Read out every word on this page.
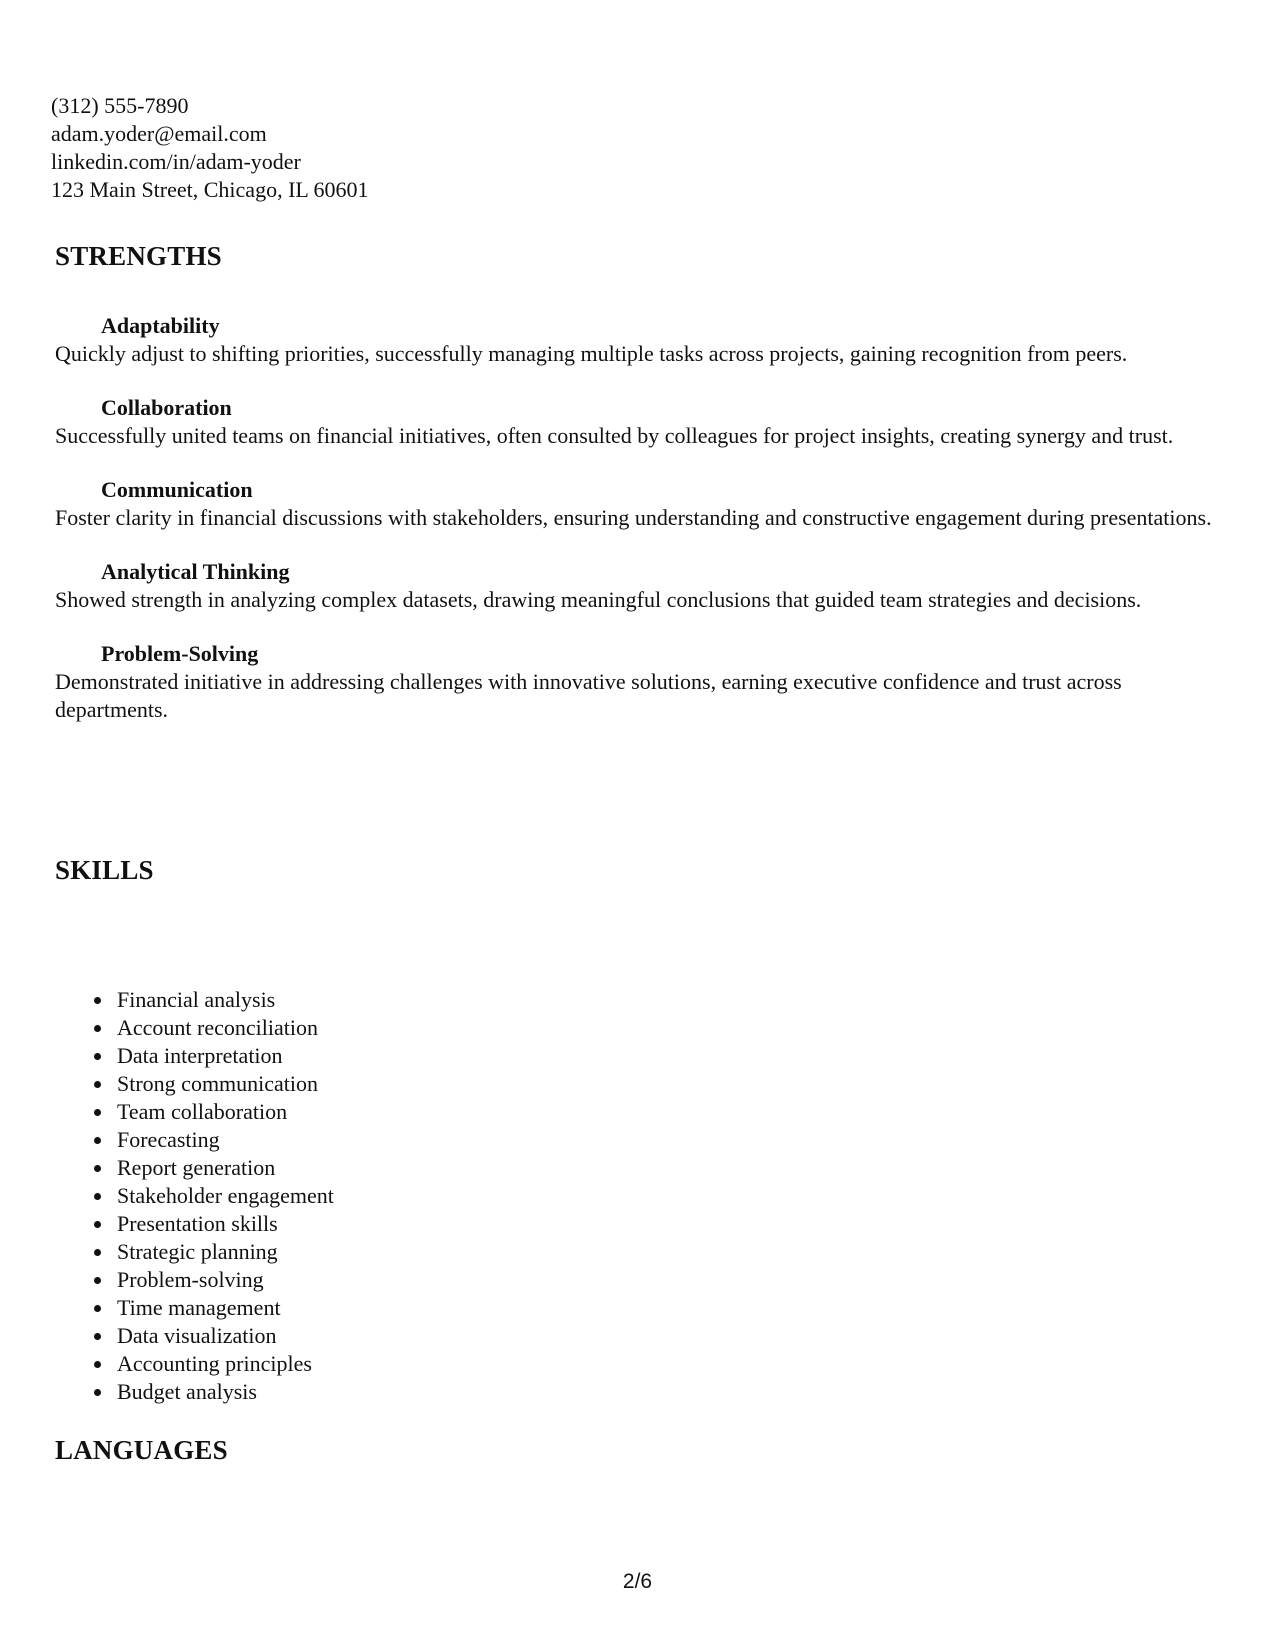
(312) 555-7890
adam.yoder@email.com
linkedin.com/in/adam-yoder
123 Main Street, Chicago, IL 60601
STRENGTHS
Adaptability
Quickly adjust to shifting priorities, successfully managing multiple tasks across projects, gaining recognition from peers.
Collaboration
Successfully united teams on financial initiatives, often consulted by colleagues for project insights, creating synergy and trust.
Communication
Foster clarity in financial discussions with stakeholders, ensuring understanding and constructive engagement during presentations.
Analytical Thinking
Showed strength in analyzing complex datasets, drawing meaningful conclusions that guided team strategies and decisions.
Problem-Solving
Demonstrated initiative in addressing challenges with innovative solutions, earning executive confidence and trust across departments.
SKILLS
Financial analysis
Account reconciliation
Data interpretation
Strong communication
Team collaboration
Forecasting
Report generation
Stakeholder engagement
Presentation skills
Strategic planning
Problem-solving
Time management
Data visualization
Accounting principles
Budget analysis
LANGUAGES
2/6
